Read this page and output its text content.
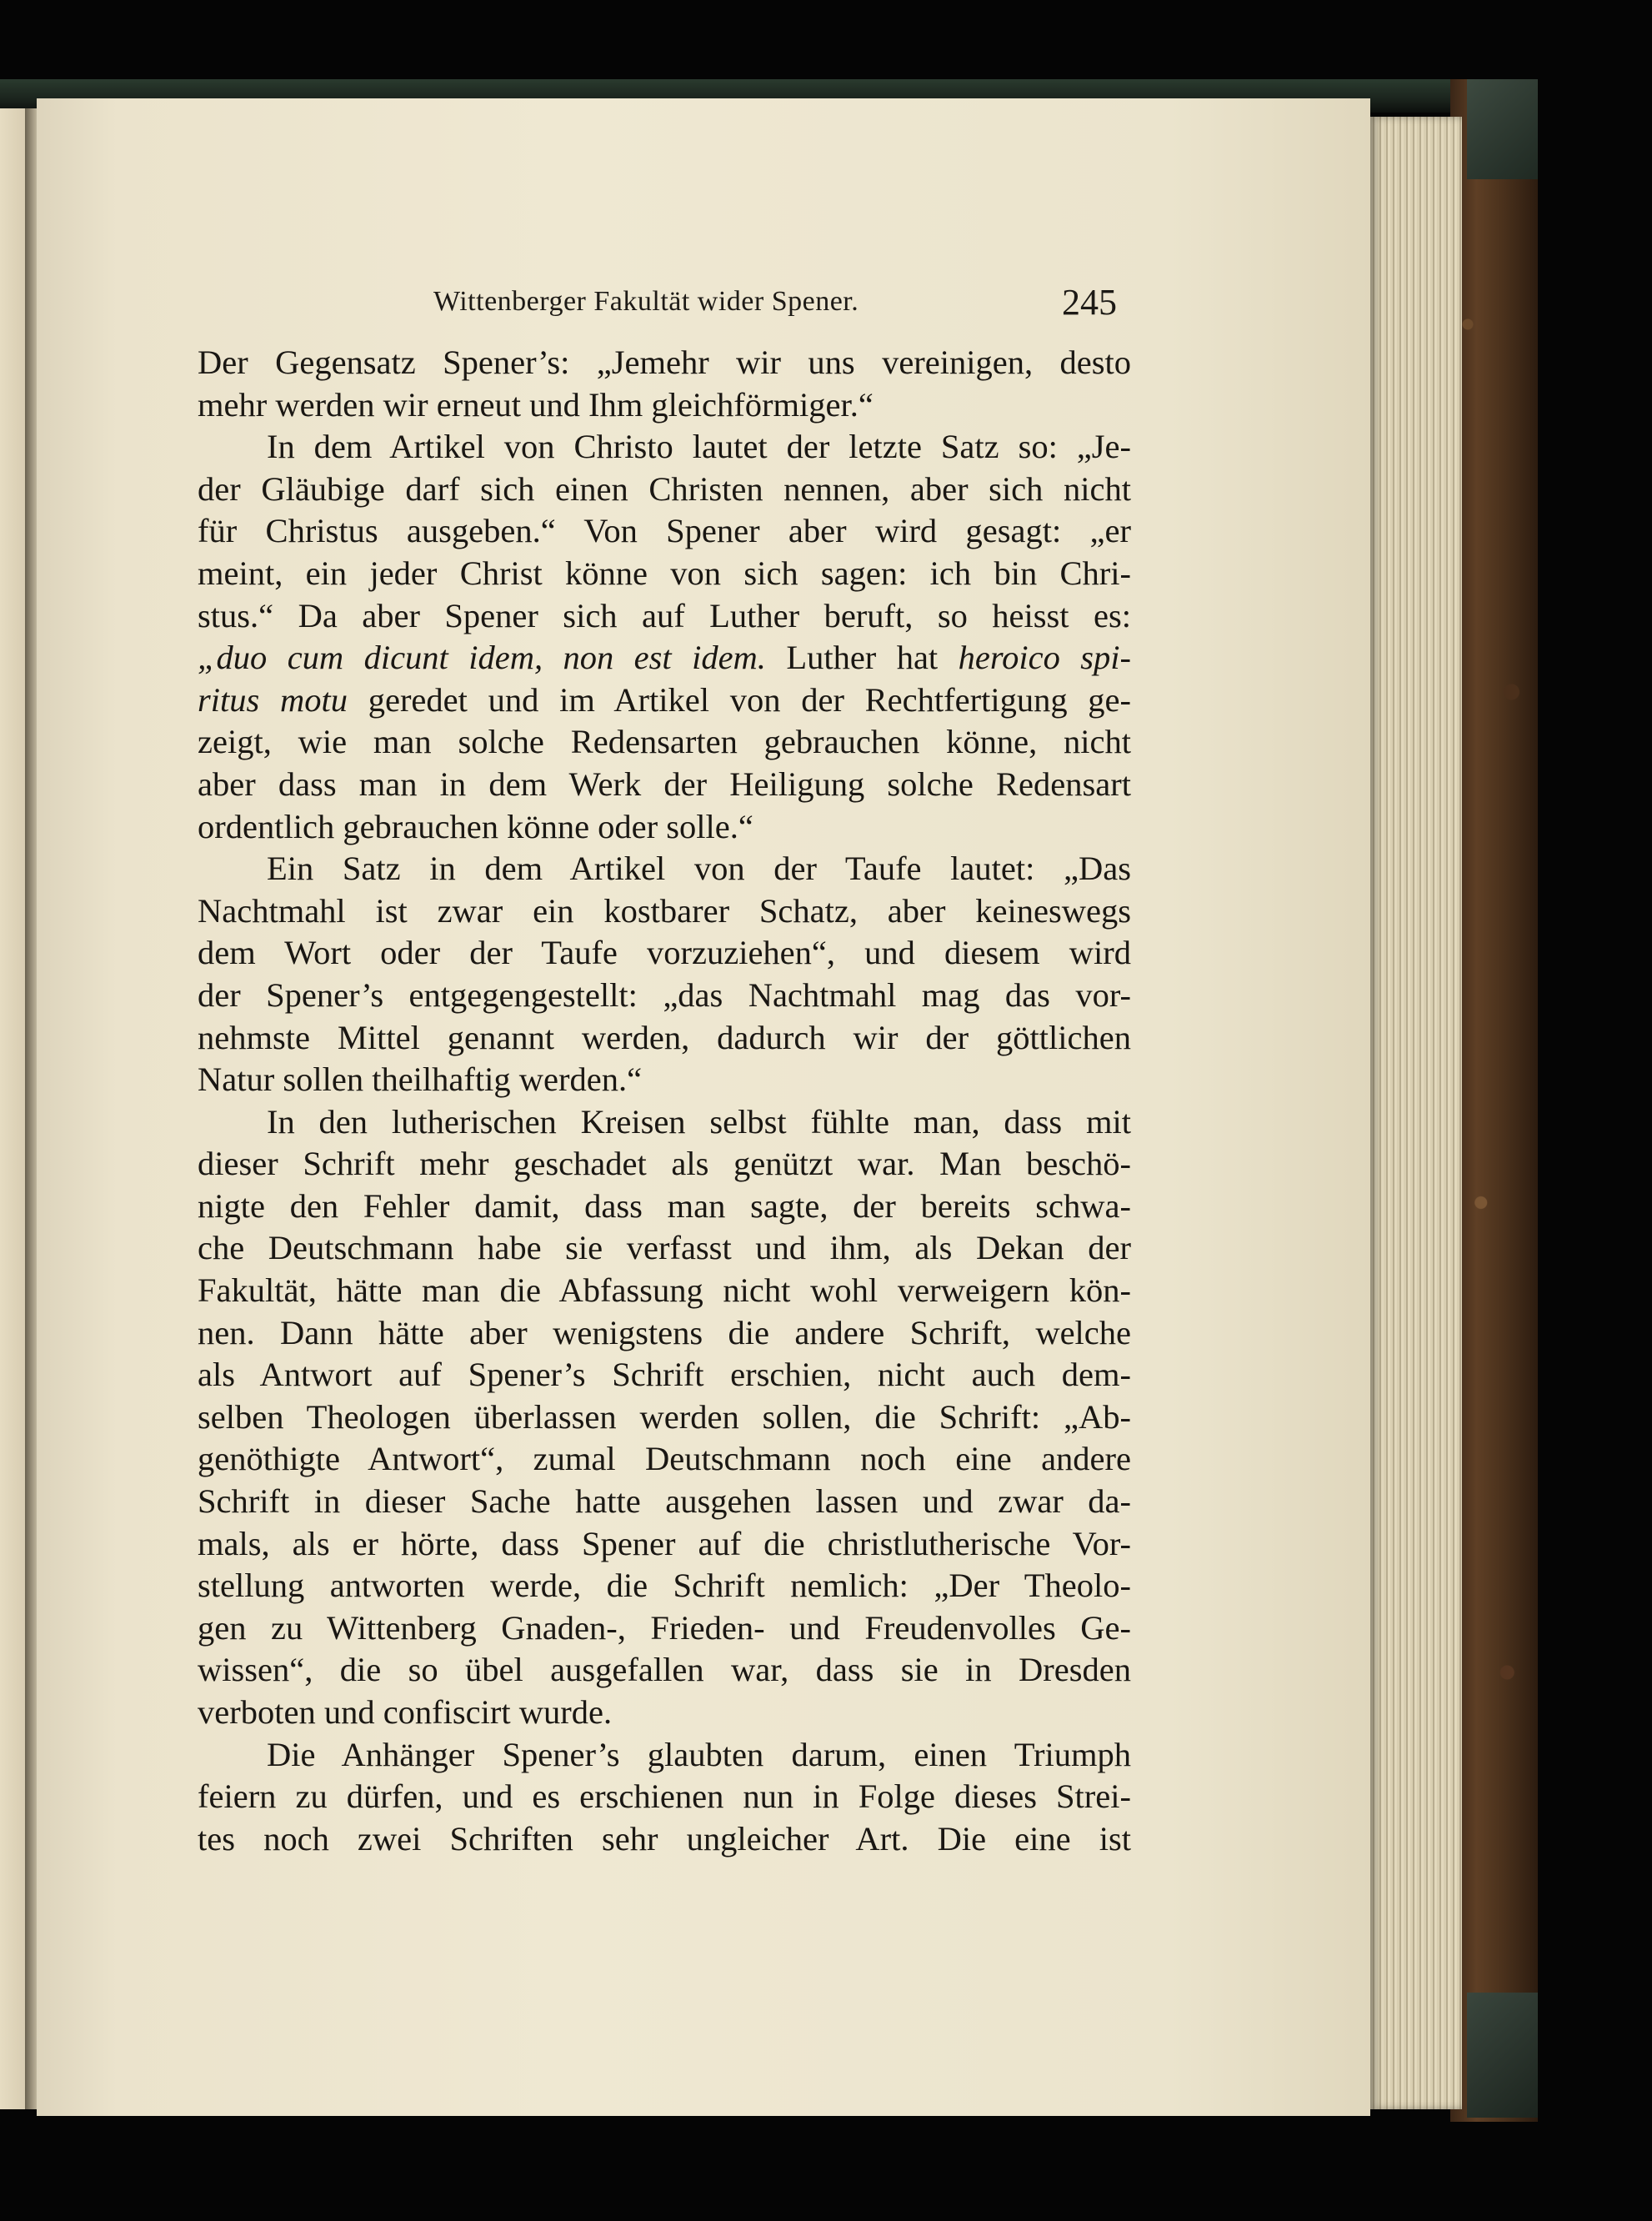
Wittenberger Fakultät wider Spener.	245
Der Gegensatz Spener’s: „Jemehr wir uns vereinigen, desto
mehr werden wir erneut und Ihm gleichförmiger.“
In dem Artikel von Christo lautet der letzte Satz so: „Je-
der Gläubige darf sich einen Christen nennen, aber sich nicht
für Christus ausgeben.“ Von Spener aber wird gesagt: „er
meint, ein jeder Christ könne von sich sagen: ich bin Chri-
stus.“ Da aber Spener sich auf Luther beruft, so heisst es:
„duo cum dicunt idem, non est idem. Luther hat heroico spi-
ritus motu geredet und im Artikel von der Rechtfertigung ge-
zeigt, wie man solche Redensarten gebrauchen könne, nicht
aber dass man in dem Werk der Heiligung solche Redensart
ordentlich gebrauchen könne oder solle.“
Ein Satz in dem Artikel von der Taufe lautet: „Das
Nachtmahl ist zwar ein kostbarer Schatz, aber keineswegs
dem Wort oder der Taufe vorzuziehen“, und diesem wird
der Spener’s entgegengestellt: „das Nachtmahl mag das vor-
nehmste Mittel genannt werden, dadurch wir der göttlichen
Natur sollen theilhaftig werden.“
In den lutherischen Kreisen selbst fühlte man, dass mit
dieser Schrift mehr geschadet als genützt war. Man beschö-
nigte den Fehler damit, dass man sagte, der bereits schwa-
che Deutschmann habe sie verfasst und ihm, als Dekan der
Fakultät, hätte man die Abfassung nicht wohl verweigern kön-
nen. Dann hätte aber wenigstens die andere Schrift, welche
als Antwort auf Spener’s Schrift erschien, nicht auch dem-
selben Theologen überlassen werden sollen, die Schrift: „Ab-
genöthigte Antwort“, zumal Deutschmann noch eine andere
Schrift in dieser Sache hatte ausgehen lassen und zwar da-
mals, als er hörte, dass Spener auf die christlutherische Vor-
stellung antworten werde, die Schrift nemlich: „Der Theolo-
gen zu Wittenberg Gnaden-, Frieden- und Freudenvolles Ge-
wissen“, die so übel ausgefallen war, dass sie in Dresden
verboten und confiscirt wurde.
Die Anhänger Spener’s glaubten darum, einen Triumph
feiern zu dürfen, und es erschienen nun in Folge dieses Strei-
tes noch zwei Schriften sehr ungleicher Art. Die eine ist
